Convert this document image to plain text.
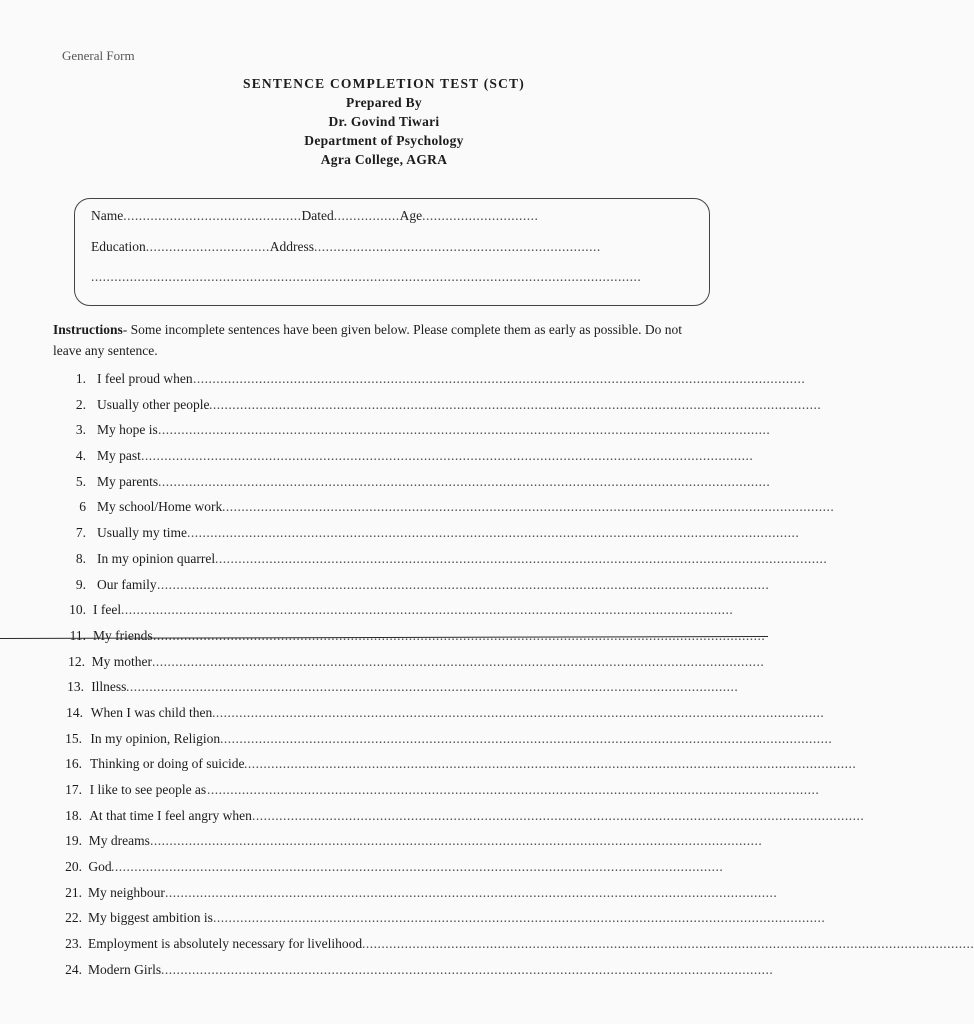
General Form
SENTENCE COMPLETION TEST (SCT)
Prepared By
Dr. Govind Tiwari
Department of Psychology
Agra College, AGRA
Name..............................................Dated.................Age..............................
Education................................Address..........................................................................
..............................................................................................................................................
Instructions- Some incomplete sentences have been given below. Please complete them as early as possible. Do not leave any sentence.
1. I feel proud when ..............................................................................................................................................................
2. Usually other people ..............................................................................................................................................................
3. My hope is ..............................................................................................................................................................
4. My past ..............................................................................................................................................................
5. My parents ..............................................................................................................................................................
6 My school/Home work ..............................................................................................................................................................
7. Usually my time ..............................................................................................................................................................
8. In my opinion quarrel ..............................................................................................................................................................
9. Our family ..............................................................................................................................................................
10. I feel ..............................................................................................................................................................
11. My friends ..............................................................................................................................................................
12. My mother ..............................................................................................................................................................
13. Illness ..............................................................................................................................................................
14. When I was child then ..............................................................................................................................................................
15. In my opinion, Religion ..............................................................................................................................................................
16. Thinking or doing of suicide ..............................................................................................................................................................
17. I like to see people as ..............................................................................................................................................................
18. At that time I feel angry when ..............................................................................................................................................................
19. My dreams ..............................................................................................................................................................
20. God ..............................................................................................................................................................
21. My neighbour ..............................................................................................................................................................
22. My biggest ambition is ..............................................................................................................................................................
23. Employment is absolutely necessary for livelihood ..............................................................................................................................................................
24. Modern Girls ..............................................................................................................................................................
